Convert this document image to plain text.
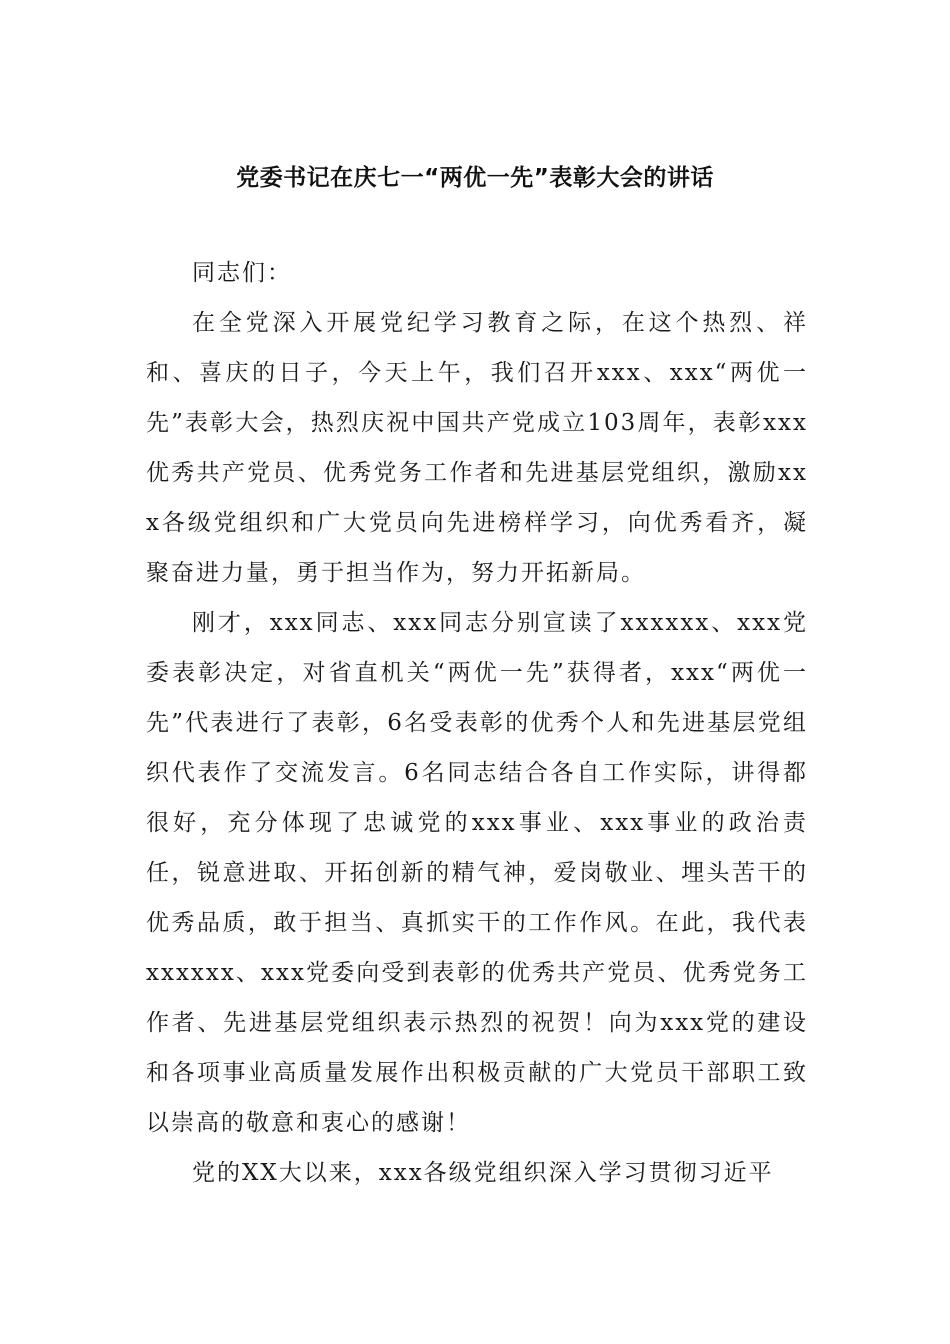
党委书记在庆七一“两优一先”表彰大会的讲话

同志们：

在全党深入开展党纪学习教育之际，在这个热烈、祥和、喜庆的日子，今天上午，我们召开xxx、xxx“两优一先”表彰大会，热烈庆祝中国共产党成立103周年，表彰xxx优秀共产党员、优秀党务工作者和先进基层党组织，激励xxx各级党组织和广大党员向先进榜样学习，向优秀看齐，凝聚奋进力量，勇于担当作为，努力开拓新局。

刚才，xxx同志、xxx同志分别宣读了xxxxxx、xxx党委表彰决定，对省直机关“两优一先”获得者，xxx“两优一先”代表进行了表彰，6名受表彰的优秀个人和先进基层党组织代表作了交流发言。6名同志结合各自工作实际，讲得都很好，充分体现了忠诚党的xxx事业、xxx事业的政治责任，锐意进取、开拓创新的精气神，爱岗敬业、埋头苦干的优秀品质，敢于担当、真抓实干的工作作风。在此，我代表xxxxxx、xxx党委向受到表彰的优秀共产党员、优秀党务工作者、先进基层党组织表示热烈的祝贺！向为xxx党的建设和各项事业高质量发展作出积极贡献的广大党员干部职工致以崇高的敬意和衷心的感谢！

党的XX大以来，xxx各级党组织深入学习贯彻习近平
